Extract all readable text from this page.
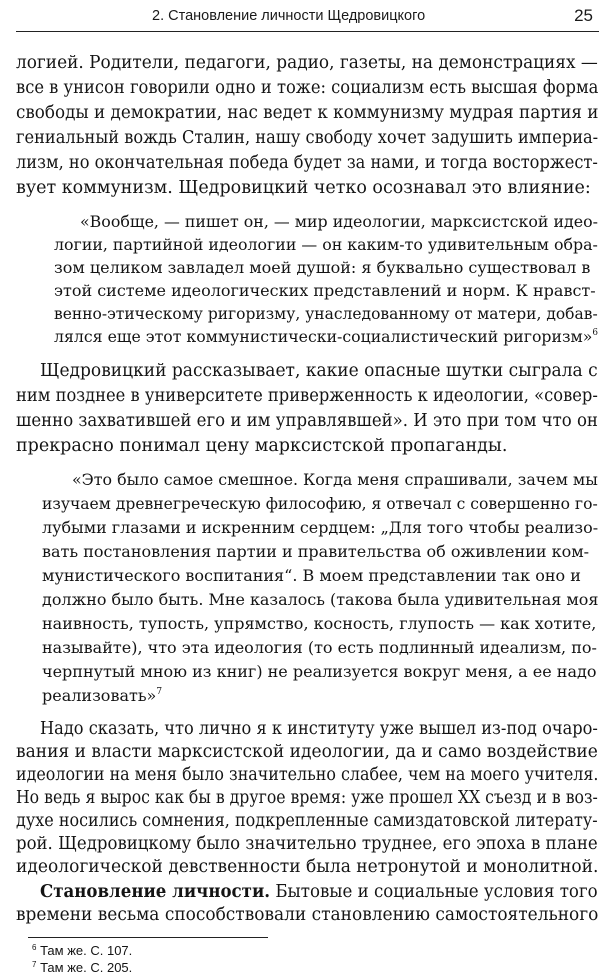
2. Становление личности Щедровицкого	25
логией. Родители, педагоги, радио, газеты, на демонстрациях —
все в унисон говорили одно и тоже: социализм есть высшая форма
свободы и демократии, нас ведет к коммунизму мудрая партия и
гениальный вождь Сталин, нашу свободу хочет задушить империа-
лизм, но окончательная победа будет за нами, и тогда восторжест-
вует коммунизм. Щедровицкий четко осознавал это влияние:
«Вообще, — пишет он, — мир идеологии, марксистской идео-
логии, партийной идеологии — он каким-то удивительным обра-
зом целиком завладел моей душой: я буквально существовал в
этой системе идеологических представлений и норм. К нравст-
венно-этическому ригоризму, унаследованному от матери, добав-
лялся еще этот коммунистически-социалистический ригоризм»$^6$
Щедровицкий рассказывает, какие опасные шутки сыграла с
ним позднее в университете приверженность к идеологии, «совер-
шенно захватившей его и им управлявшей». И это при том что он
прекрасно понимал цену марксистской пропаганды.
«Это было самое смешное. Когда меня спрашивали, зачем мы
изучаем древнегреческую философию, я отвечал с совершенно го-
лубыми глазами и искренним сердцем: „Для того чтобы реализо-
вать постановления партии и правительства об оживлении ком-
мунистического воспитания“. В моем представлении так оно и
должно было быть. Мне казалось (такова была удивительная моя
наивность, тупость, упрямство, косность, глупость — как хотите,
называйте), что эта идеология (то есть подлинный идеализм, по-
черпнутый мною из книг) не реализуется вокруг меня, а ее надо
реализовать»$^7$
Надо сказать, что лично я к институту уже вышел из-под очаро-
вания и власти марксистской идеологии, да и само воздействие
идеологии на меня было значительно слабее, чем на моего учителя.
Но ведь я вырос как бы в другое время: уже прошел XX съезд и в воз-
духе носились сомнения, подкрепленные самиздатовской литерату-
рой. Щедровицкому было значительно труднее, его эпоха в плане
идеологической девственности была нетронутой и монолитной.
Становление личности. Бытовые и социальные условия того
времени весьма способствовали становлению самостоятельного
$^6$ Там же. С. 107.
$^7$ Там же. С. 205.
